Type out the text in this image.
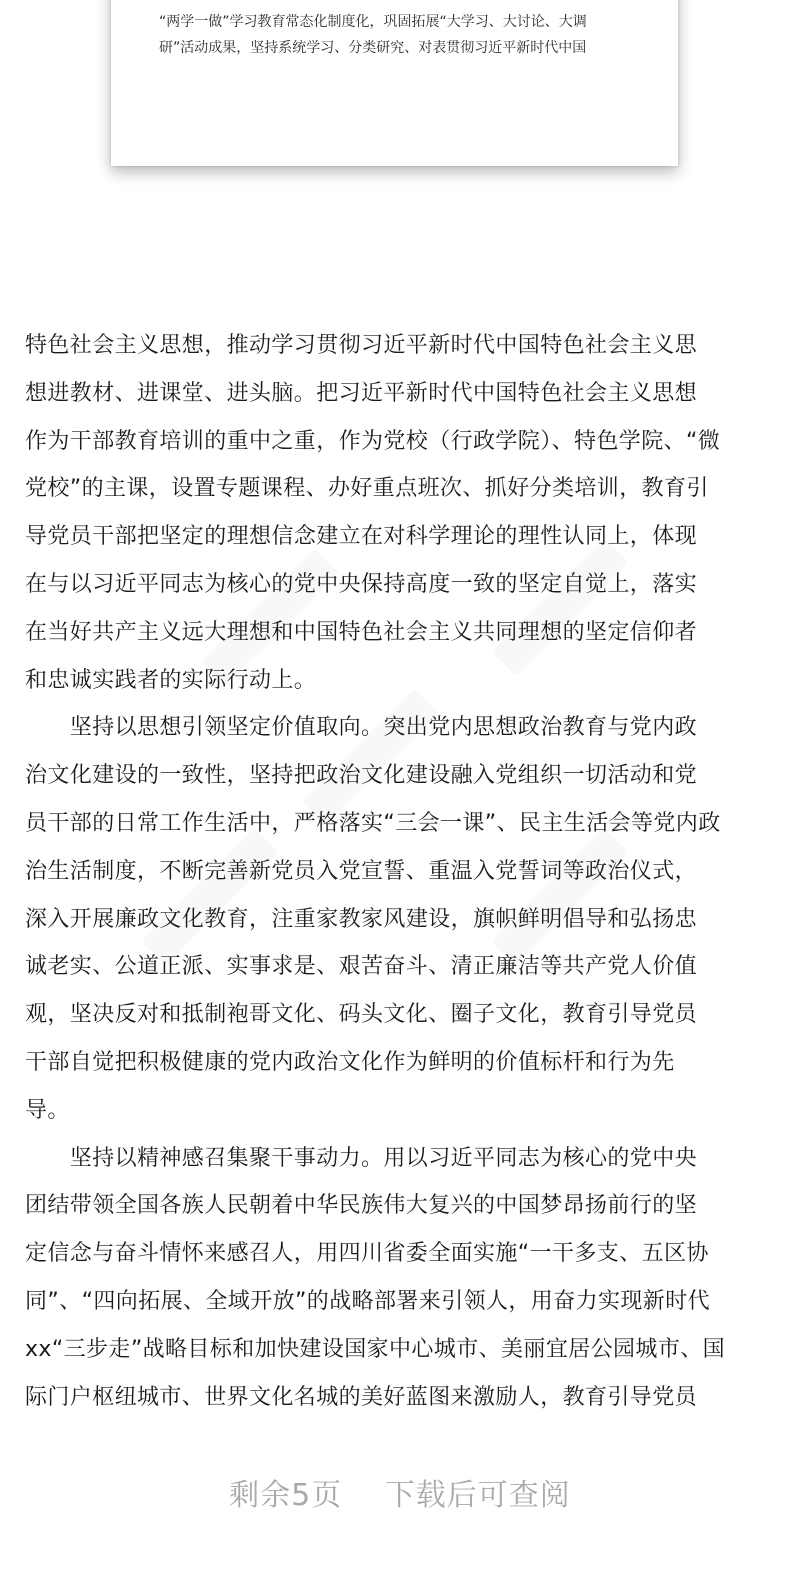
“两学一做”学习教育常态化制度化，巩固拓展“大学习、大讨论、大调

研”活动成果，坚持系统学习、分类研究、对表贯彻习近平新时代中国

特色社会主义思想，推动学习贯彻习近平新时代中国特色社会主义思

想进教材、进课堂、进头脑。把习近平新时代中国特色社会主义思想

作为干部教育培训的重中之重，作为党校（行政学院）、特色学院、“微

党校”的主课，设置专题课程、办好重点班次、抓好分类培训，教育引

导党员干部把坚定的理想信念建立在对科学理论的理性认同上，体现

在与以习近平同志为核心的党中央保持高度一致的坚定自觉上，落实

在当好共产主义远大理想和中国特色社会主义共同理想的坚定信仰者

和忠诚实践者的实际行动上。

　　坚持以思想引领坚定价值取向。突出党内思想政治教育与党内政

治文化建设的一致性，坚持把政治文化建设融入党组织一切活动和党

员干部的日常工作生活中，严格落实“三会一课”、民主生活会等党内政

治生活制度，不断完善新党员入党宣誓、重温入党誓词等政治仪式，

深入开展廉政文化教育，注重家教家风建设，旗帜鲜明倡导和弘扬忠

诚老实、公道正派、实事求是、艰苦奋斗、清正廉洁等共产党人价值

观，坚决反对和抵制袍哥文化、码头文化、圈子文化，教育引导党员

干部自觉把积极健康的党内政治文化作为鲜明的价值标杆和行为先

导。

　　坚持以精神感召集聚干事动力。用以习近平同志为核心的党中央

团结带领全国各族人民朝着中华民族伟大复兴的中国梦昂扬前行的坚

定信念与奋斗情怀来感召人，用四川省委全面实施“一干多支、五区协

同”、“四向拓展、全域开放”的战略部署来引领人，用奋力实现新时代

xx“三步走”战略目标和加快建设国家中心城市、美丽宜居公园城市、国

际门户枢纽城市、世界文化名城的美好蓝图来激励人，教育引导党员

剩余5页 下载后可查阅
